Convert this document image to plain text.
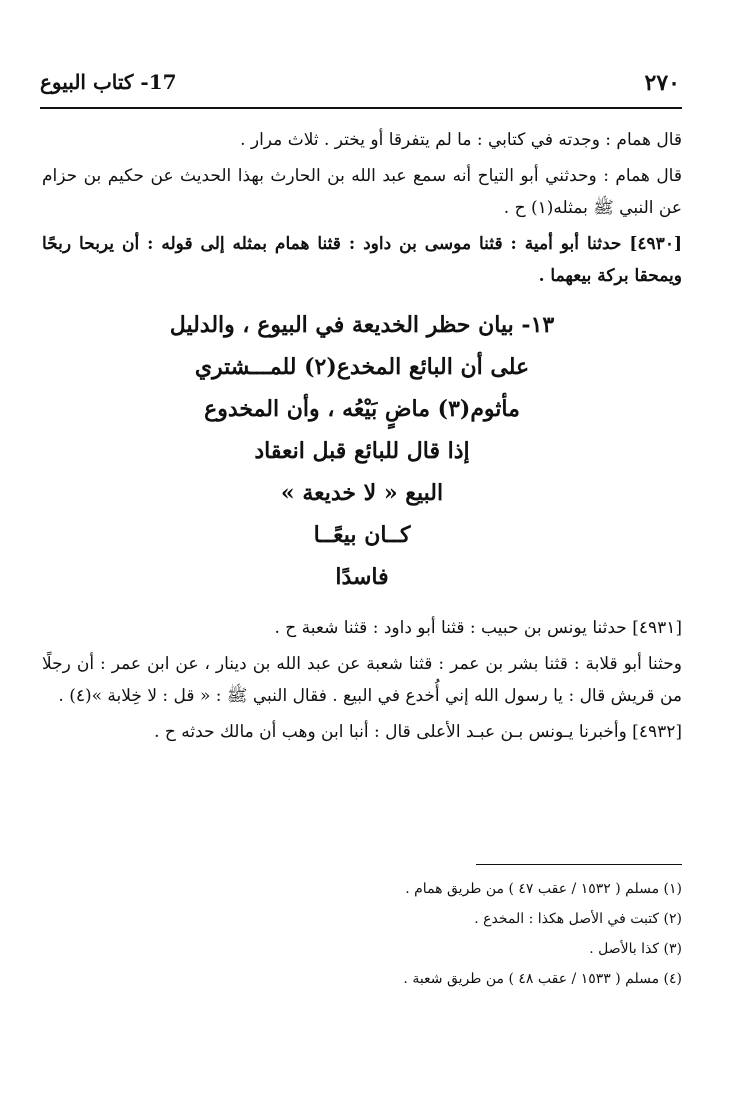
٢٧٠
17- كتاب البيوع

قال همام : وجدته في كتابي : ما لم يتفرقا أو يختر . ثلاث مرار .

قال همام : وحدثني أبو التياح أنه سمع عبد الله بن الحارث بهذا الحديث عن حكيم بن حزام عن النبي ﷺ بمثله(١) ح .

[٤٩٣٠] حدثنا أبو أمية : قثنا موسى بن داود : قثنا همام بمثله إلى قوله : أن يربحا ربحًا ويمحقا بركة بيعهما .

١٣- بيان حظر الخديعة في البيوع ، والدليل
على أن البائع المخدع(٢) للمـــشتري
مأثوم(٣) ماضٍ بَيْعُه ، وأن المخدوع
إذا قال للبائع قبل انعقاد
البيع « لا خديعة »
كــان بيعًــا
فاسدًا

[٤٩٣١] حدثنا يونس بن حبيب : قثنا أبو داود : قثنا شعبة ح .

وحثنا أبو قلابة : قثنا بشر بن عمر : قثنا شعبة عن عبد الله بن دينار ، عن ابن عمر : أن رجلًا من قريش قال : يا رسول الله إني أُخدع في البيع . فقال النبي ﷺ : « قل : لا خِلابة »(٤) .

[٤٩٣٢] وأخبرنا يـونس بـن عبـد الأعلى قال : أنبا ابن وهب أن مالك حدثه ح .

(١) مسلم ( ١٥٣٢ / عقب ٤٧ ) من طريق همام .
(٢) كتبت في الأصل هكذا : المخدع .
(٣) كذا بالأصل .
(٤) مسلم ( ١٥٣٣ / عقب ٤٨ ) من طريق شعبة .
